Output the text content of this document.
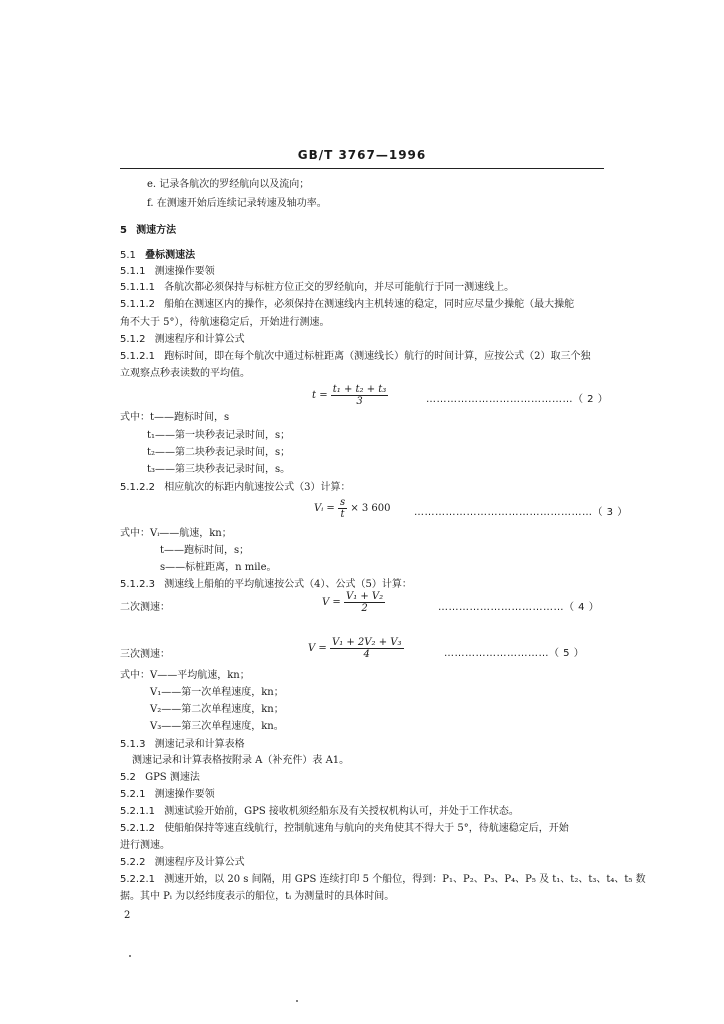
GB/T 3767—1996
e. 记录各航次的罗经航向以及流向；
f. 在测速开始后连续记录转速及轴功率。
5 测速方法
5.1 叠标测速法
5.1.1 测速操作要领
5.1.1.1 各航次都必须保持与标桩方位正交的罗经航向，并尽可能航行于同一测速线上。
5.1.1.2 船舶在测速区内的操作，必须保持在测速线内主机转速的稳定，同时应尽量少操舵（最大操舵
角不大于 5°），待航速稳定后，开始进行测速。
5.1.2 测速程序和计算公式
5.1.2.1 跑标时间，即在每个航次中通过标桩距离（测速线长）航行的时间计算，应按公式（2）取三个独
立观察点秒表读数的平均值。
$t = \frac{\text{t₁ + t₂ + t₃}}{3}$	……………………………………（ 2 ）
式中：t——跑标时间，s
t₁——第一块秒表记录时间，s；
t₂——第二块秒表记录时间，s；
t₃——第三块秒表记录时间，s。
5.1.2.2 相应航次的标距内航速按公式（3）计算：
Vᵢ = $\frac{s}{t} \times 3$ 600 ……………………………………………（ 3 ）
式中：Vᵢ——航速，kn；
t——跑标时间，s；
s——标桩距离，n mile。
5.1.2.3 测速线上船舶的平均航速按公式（4）、公式（5）计算：
二次测速：	$V = \frac{\text{V₁ + V₂}}{2}$	………………………………（ 4 ）
三次测速：
$V = \frac{\text{V₁ + 2V₂ + V₃}}{4}$	…………………………（ 5 ）
式中：V——平均航速，kn；
V₁——第一次单程速度，kn；
V₂——第二次单程速度，kn；
V₃——第三次单程速度，kn。
5.1.3 测速记录和计算表格
测速记录和计算表格按附录 A（补充件）表 A1。
5.2 GPS 测速法
5.2.1 测速操作要领
5.2.1.1 测速试验开始前，GPS 接收机须经船东及有关授权机构认可，并处于工作状态。
5.2.1.2 使船舶保持等速直线航行，控制航速角与航向的夹角使其不得大于 5°，待航速稳定后，开始
进行测速。
5.2.2 测速程序及计算公式
5.2.2.1 测速开始，以 20 s 间隔，用 GPS 连续打印 5 个船位，得到：P₁、P₂、P₃、P₄、P₅ 及 t₁、t₂、t₃、t₄、t₅ 数
据。其中 Pᵢ 为以经纬度表示的船位，tᵢ 为测量时的具体时间。
2
